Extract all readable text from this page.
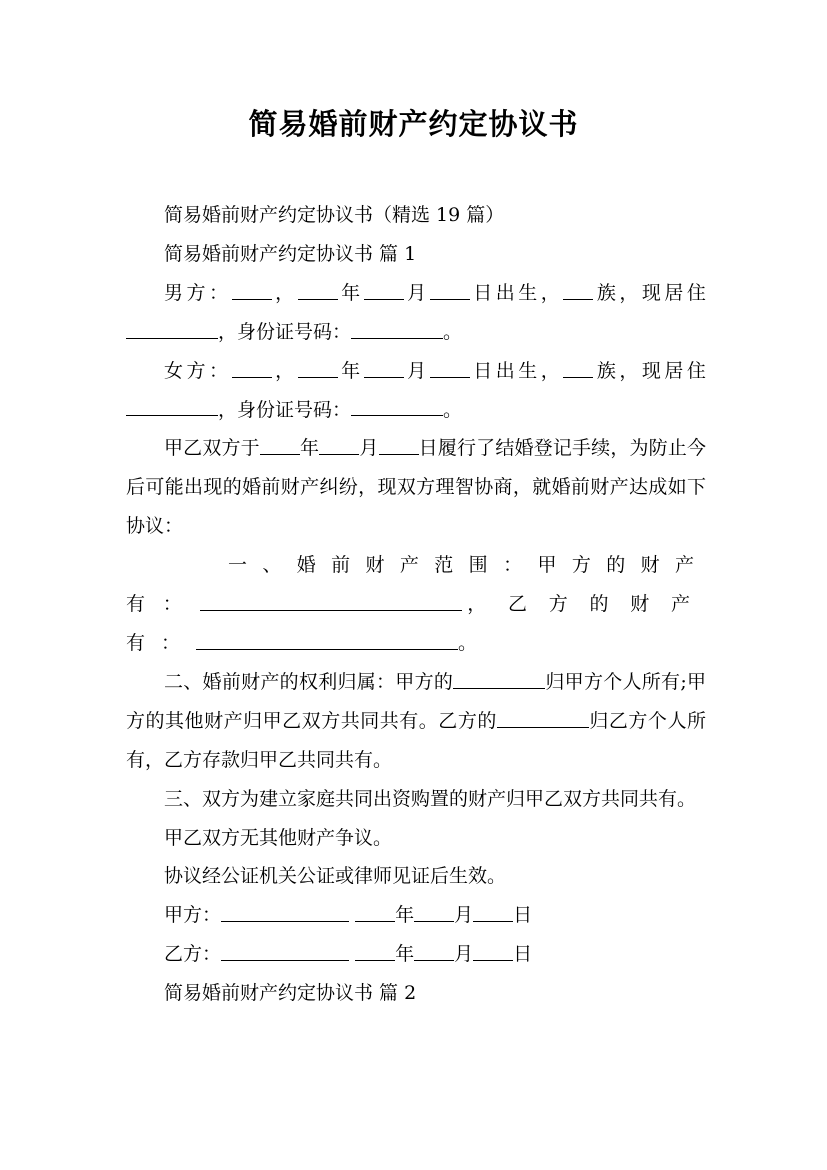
简易婚前财产约定协议书

简易婚前财产约定协议书（精选 19 篇）

简易婚前财产约定协议书 篇 1

男方： ， 年 月 日出生， 族，现居住，身份证号码：	。

女方： ， 年 月 日出生， 族，现居住，身份证号码：	。

甲乙双方于 年 月 日履行了结婚登记手续，为防止今后可能出现的婚前财产纠纷，现双方理智协商，就婚前财产达成如下协议：

一、婚前财产范围：甲方的财产有：	，乙方的财产有：	。

二、婚前财产的权利归属：甲方的	归甲方个人所有;甲方的其他财产归甲乙双方共同共有。乙方的	归乙方个人所有，乙方存款归甲乙共同共有。

三、双方为建立家庭共同出资购置的财产归甲乙双方共同共有。

甲乙双方无其他财产争议。

协议经公证机关公证或律师见证后生效。

甲方：	年 月 日

乙方：	年 月 日

简易婚前财产约定协议书 篇 2
